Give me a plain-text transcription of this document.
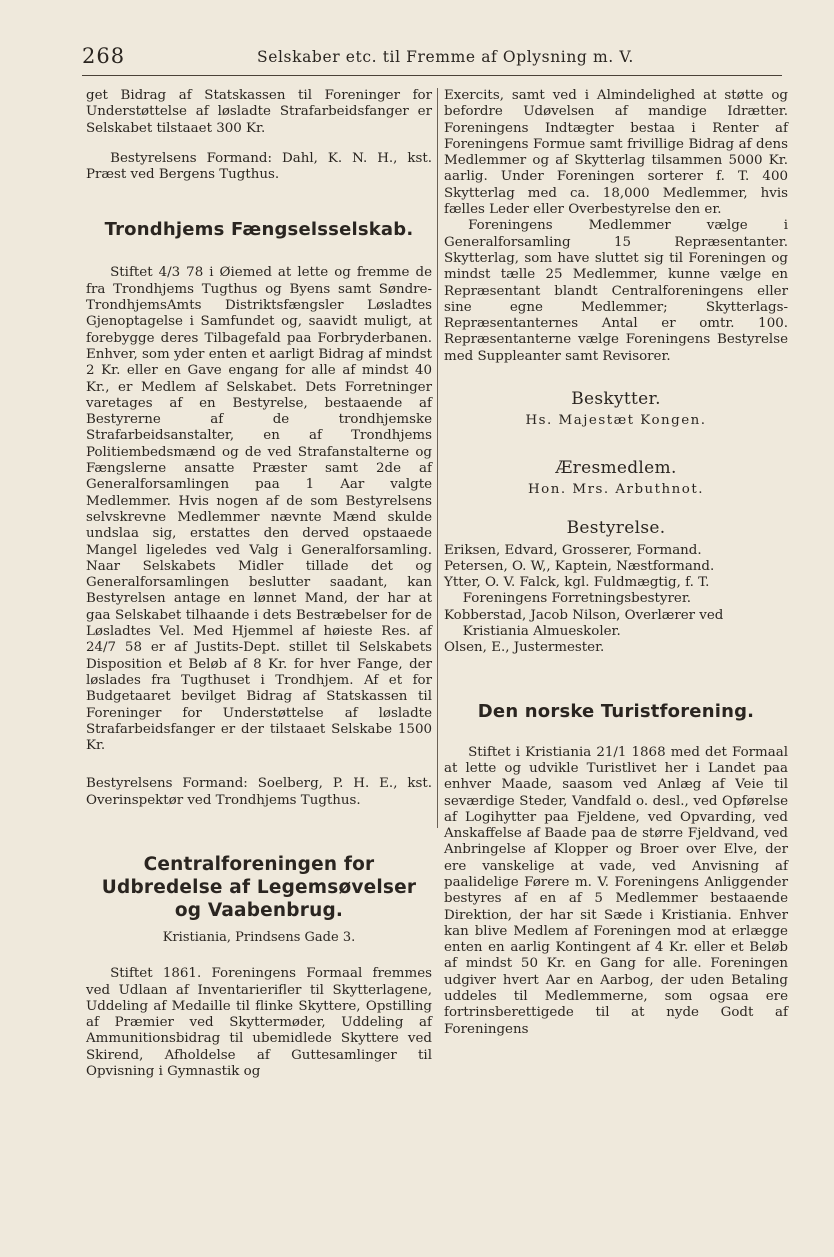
268	Selskaber etc. til Fremme af Oplysning m. V.

get Bidrag af Statskassen til Foreninger for Understøttelse af løsladte Strafarbeidsfanger er Selskabet tilstaaet 300 Kr.

Bestyrelsens Formand: Dahl, K. N. H., kst. Præst ved Bergens Tugthus.

Trondhjems Fængselsselskab.

Stiftet 4/3 78 i Øiemed at lette og fremme de fra Trondhjems Tugthus og Byens samt Søndre-TrondhjemsAmts Distriktsfængsler Løsladtes Gjenoptagelse i Samfundet og, saavidt muligt, at forebygge deres Tilbagefald paa Forbryderbanen. Enhver, som yder enten et aarligt Bidrag af mindst 2 Kr. eller en Gave engang for alle af mindst 40 Kr., er Medlem af Selskabet. Dets Forretninger varetages af en Bestyrelse, bestaaende af Bestyrerne af de trondhjemske Strafarbeidsanstalter, en af Trondhjems Politiembedsmænd og de ved Strafanstalterne og Fængslerne ansatte Præster samt 2de af Generalforsamlingen paa 1 Aar valgte Medlemmer. Hvis nogen af de som Bestyrelsens selvskrevne Medlemmer nævnte Mænd skulde undslaa sig, erstattes den derved opstaaede Mangel ligeledes ved Valg i Generalforsamling. Naar Selskabets Midler tillade det og Generalforsamlingen beslutter saadant, kan Bestyrelsen antage en lønnet Mand, der har at gaa Selskabet tilhaande i dets Bestræbelser for de Løsladtes Vel. Med Hjemmel af høieste Res. af 24/7 58 er af Justits-Dept. stillet til Selskabets Disposition et Beløb af 8 Kr. for hver Fange, der løslades fra Tugthuset i Trondhjem. Af et for Budgetaaret bevilget Bidrag af Statskassen til Foreninger for Understøttelse af løsladte Strafarbeidsfanger er der tilstaaet Selskabe 1500 Kr.

Bestyrelsens Formand: Soelberg, P. H. E., kst. Overinspektør ved Trondhjems Tugthus.

Centralforeningen for Udbredelse af Legemsøvelser og Vaabenbrug.
Kristiania, Prindsens Gade 3.

Stiftet 1861. Foreningens Formaal fremmes ved Udlaan af Inventarierifler til Skytterlagene, Uddeling af Medaille til flinke Skyttere, Opstilling af Præmier ved Skyttermøder, Uddeling af Ammunitionsbidrag til ubemidlede Skyttere ved Skirend, Afholdelse af Guttesamlinger til Opvisning i Gymnastik og

Exercits, samt ved i Almindelighed at støtte og befordre Udøvelsen af mandige Idrætter. Foreningens Indtægter bestaa i Renter af Foreningens Formue samt frivillige Bidrag af dens Medlemmer og af Skytterlag tilsammen 5000 Kr. aarlig. Under Foreningen sorterer f. T. 400 Skytterlag med ca. 18,000 Medlemmer, hvis fælles Leder eller Overbestyrelse den er.

Foreningens Medlemmer vælge i Generalforsamling 15 Repræsentanter. Skytterlag, som have sluttet sig til Foreningen og mindst tælle 25 Medlemmer, kunne vælge en Repræsentant blandt Centralforeningens eller sine egne Medlemmer; Skytterlags-Repræsentanternes Antal er omtr. 100. Repræsentanterne vælge Foreningens Bestyrelse med Suppleanter samt Revisorer.

Beskytter.
Hs. Majestæt Kongen.
Æresmedlem.
Hon. Mrs. Arbuthnot.
Bestyrelse.

Eriksen, Edvard, Grosserer, Formand.

Petersen, O. W,, Kaptein, Næstformand.

Ytter, O. V. Falck, kgl. Fuldmægtig, f. T. Foreningens Forretningsbestyrer.

Kobberstad, Jacob Nilson, Overlærer ved Kristiania Almueskoler.

Olsen, E., Justermester.

Den norske Turistforening.

Stiftet i Kristiania 21/1 1868 med det Formaal at lette og udvikle Turistlivet her i Landet paa enhver Maade, saasom ved Anlæg af Veie til seværdige Steder, Vandfald o. desl., ved Opførelse af Logihytter paa Fjeldene, ved Opvarding, ved Anskaffelse af Baade paa de større Fjeldvand, ved Anbringelse af Klopper og Broer over Elve, der ere vanskelige at vade, ved Anvisning af paalidelige Førere m. V. Foreningens Anliggender bestyres af en af 5 Medlemmer bestaaende Direktion, der har sit Sæde i Kristiania. Enhver kan blive Medlem af Foreningen mod at erlægge enten en aarlig Kontingent af 4 Kr. eller et Beløb af mindst 50 Kr. en Gang for alle. Foreningen udgiver hvert Aar en Aarbog, der uden Betaling uddeles til Medlemmerne, som ogsaa ere fortrinsberettigede til at nyde Godt af Foreningens
